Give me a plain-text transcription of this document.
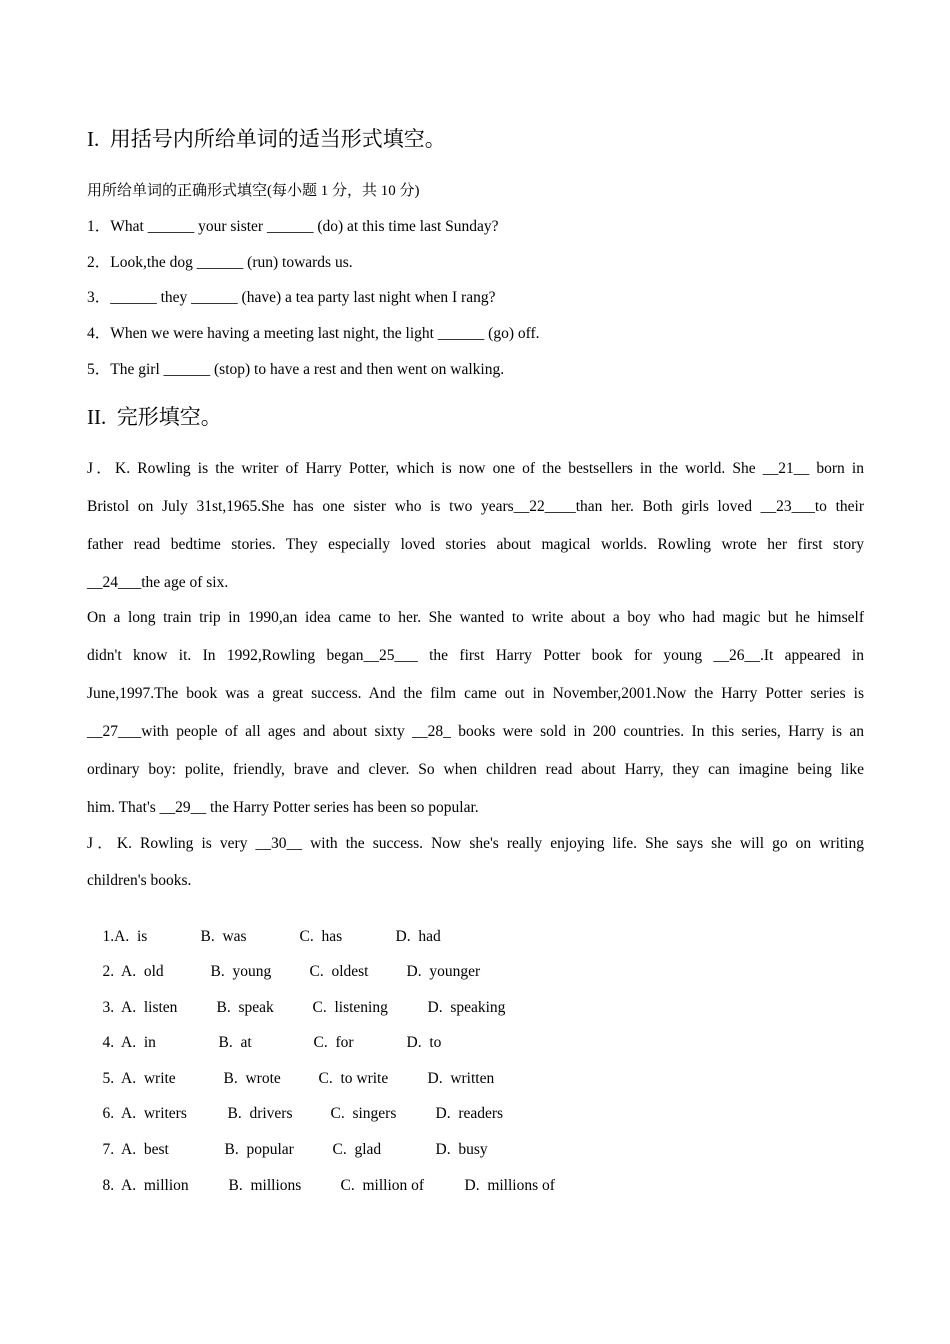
I.  用括号内所给单词的适当形式填空。
用所给单词的正确形式填空(每小题 1 分，共 10 分)
1．What ______ your sister ______ (do) at this time last Sunday?
2．Look,the dog ______ (run) towards us.
3．______ they ______ (have) a tea party last night when I rang?
4．When we were having a meeting last night, the light ______ (go) off.
5．The girl ______ (stop) to have a rest and then went on walking.
II.  完形填空。
J．K. Rowling is the writer of Harry Potter, which is now one of the bestsellers in the world. She __21__ born in
Bristol on July 31st,1965.She has one sister who is two years__22____than her. Both girls loved __23___to their
father read bedtime stories. They especially loved stories about magical worlds. Rowling wrote her first story
__24___the age of six.
On a long train trip in 1990,an idea came to her. She wanted to write about a boy who had magic but he himself
didn't know it. In 1992,Rowling began__25___ the first Harry Potter book for young __26__.It appeared in
June,1997.The book was a great success. And the film came out in November,2001.Now the Harry Potter series is
__27___with people of all ages and about sixty __28_ books were sold in 200 countries. In this series, Harry is an
ordinary boy: polite, friendly, brave and clever. So when children read about Harry, they can imagine being like
him. That's __29__ the Harry Potter series has been so popular.
J．K. Rowling is very __30__ with the success. Now she's really enjoying life. She says she will go on writing
children's books.

1.A.  is	B.  was	C.  has	D.  had

2.  A.  old	B.  young C.  oldest D.  younger

3.  A.  listen	B.  speak C.  listening	D.  speaking

4.  A.  in	B.  at	C.  for	D.  to

5.  A.  write	B.  wrote C.  to write	D.  written

6.  A.  writers	B.  drivers C.  singers	D.  readers

7.  A.  best	B.  popular C.  glad	D.  busy

8.  A.  million	B.  millions	C.  million of	D.  millions of
